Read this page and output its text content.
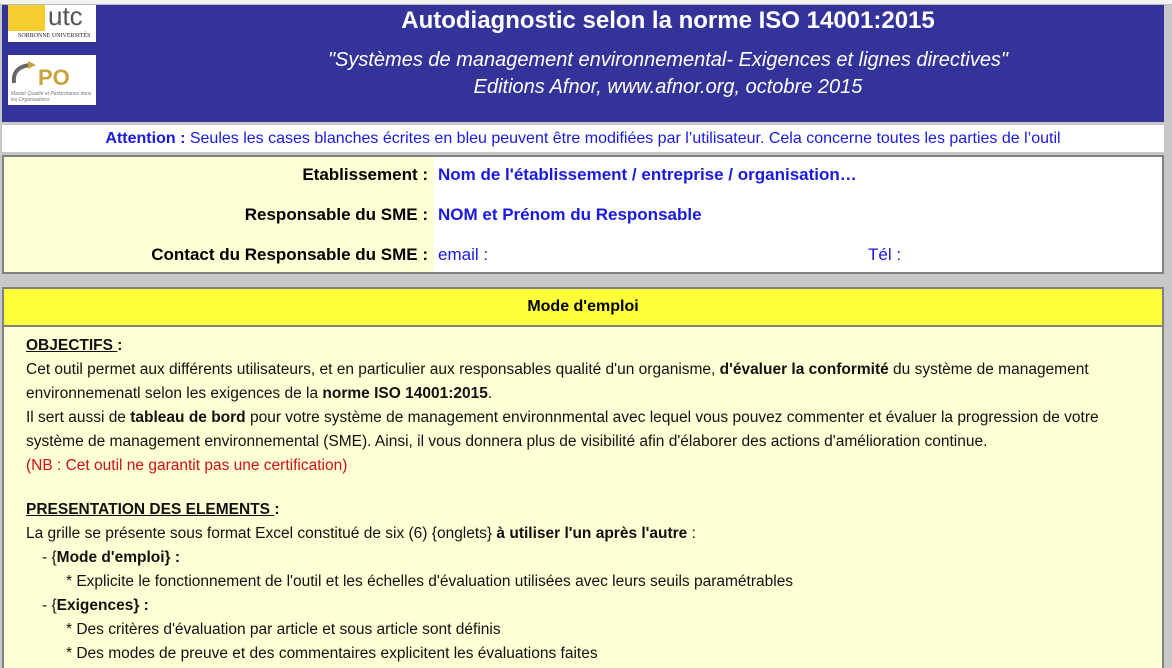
utc
SORBONNE UNIVERSITÉS
PO
Master Qualité et Performance dans les Organisations
Autodiagnostic selon la norme ISO 14001:2015
"Systèmes de management environnemental- Exigences et lignes directives"
Editions Afnor, www.afnor.org, octobre 2015
Attention : Seules les cases blanches écrites en bleu peuvent être modifiées par l’utilisateur. Cela concerne toutes les parties de l’outil
Etablissement : Nom de l'établissement / entreprise / organisation…
Responsable du SME : NOM et Prénom du Responsable
Contact du Responsable du SME : email :	Tél :
Mode d'emploi
OBJECTIFS :
Cet outil permet aux différents utilisateurs, et en particulier aux responsables qualité d'un organisme, d'évaluer la conformité du système de management
environnemenatl selon les exigences de la norme ISO 14001:2015.
Il sert aussi de tableau de bord pour votre système de management environnmental avec lequel vous pouvez commenter et évaluer la progression de votre
système de management environnemental (SME). Ainsi, il vous donnera plus de visibilité afin d'élaborer des actions d'amélioration continue.
(NB : Cet outil ne garantit pas une certification)
PRESENTATION DES ELEMENTS :
La grille se présente sous format Excel constitué de six (6) {onglets} à utiliser l'un après l'autre :
- {Mode d'emploi} :
* Explicite le fonctionnement de l'outil et les échelles d'évaluation utilisées avec leurs seuils paramétrables
- {Exigences} :
* Des critères d'évaluation par article et sous article sont définis
* Des modes de preuve et des commentaires explicitent les évaluations faites
